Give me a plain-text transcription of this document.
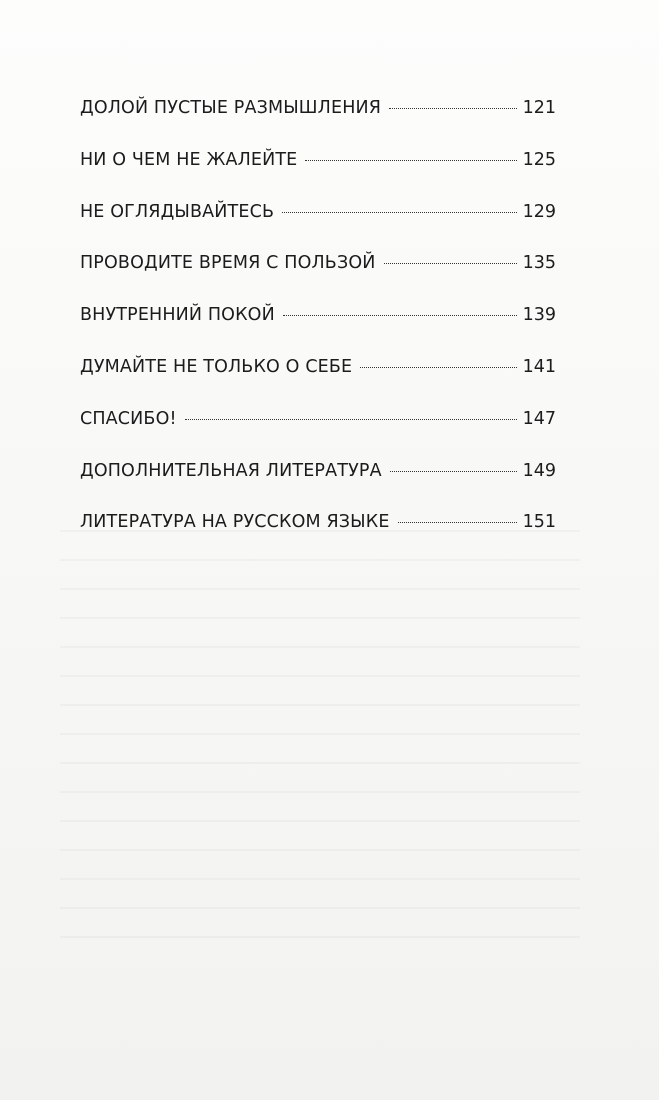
ДОЛОЙ ПУСТЫЕ РАЗМЫШЛЕНИЯ	121
НИ О ЧЕМ НЕ ЖАЛЕЙТЕ	125
НЕ ОГЛЯДЫВАЙТЕСЬ	129
ПРОВОДИТЕ ВРЕМЯ С ПОЛЬЗОЙ	135
ВНУТРЕННИЙ ПОКОЙ	139
ДУМАЙТЕ НЕ ТОЛЬКО О СЕБЕ	141
СПАСИБО!	147
ДОПОЛНИТЕЛЬНАЯ ЛИТЕРАТУРА	149
ЛИТЕРАТУРА НА РУССКОМ ЯЗЫКЕ	151
